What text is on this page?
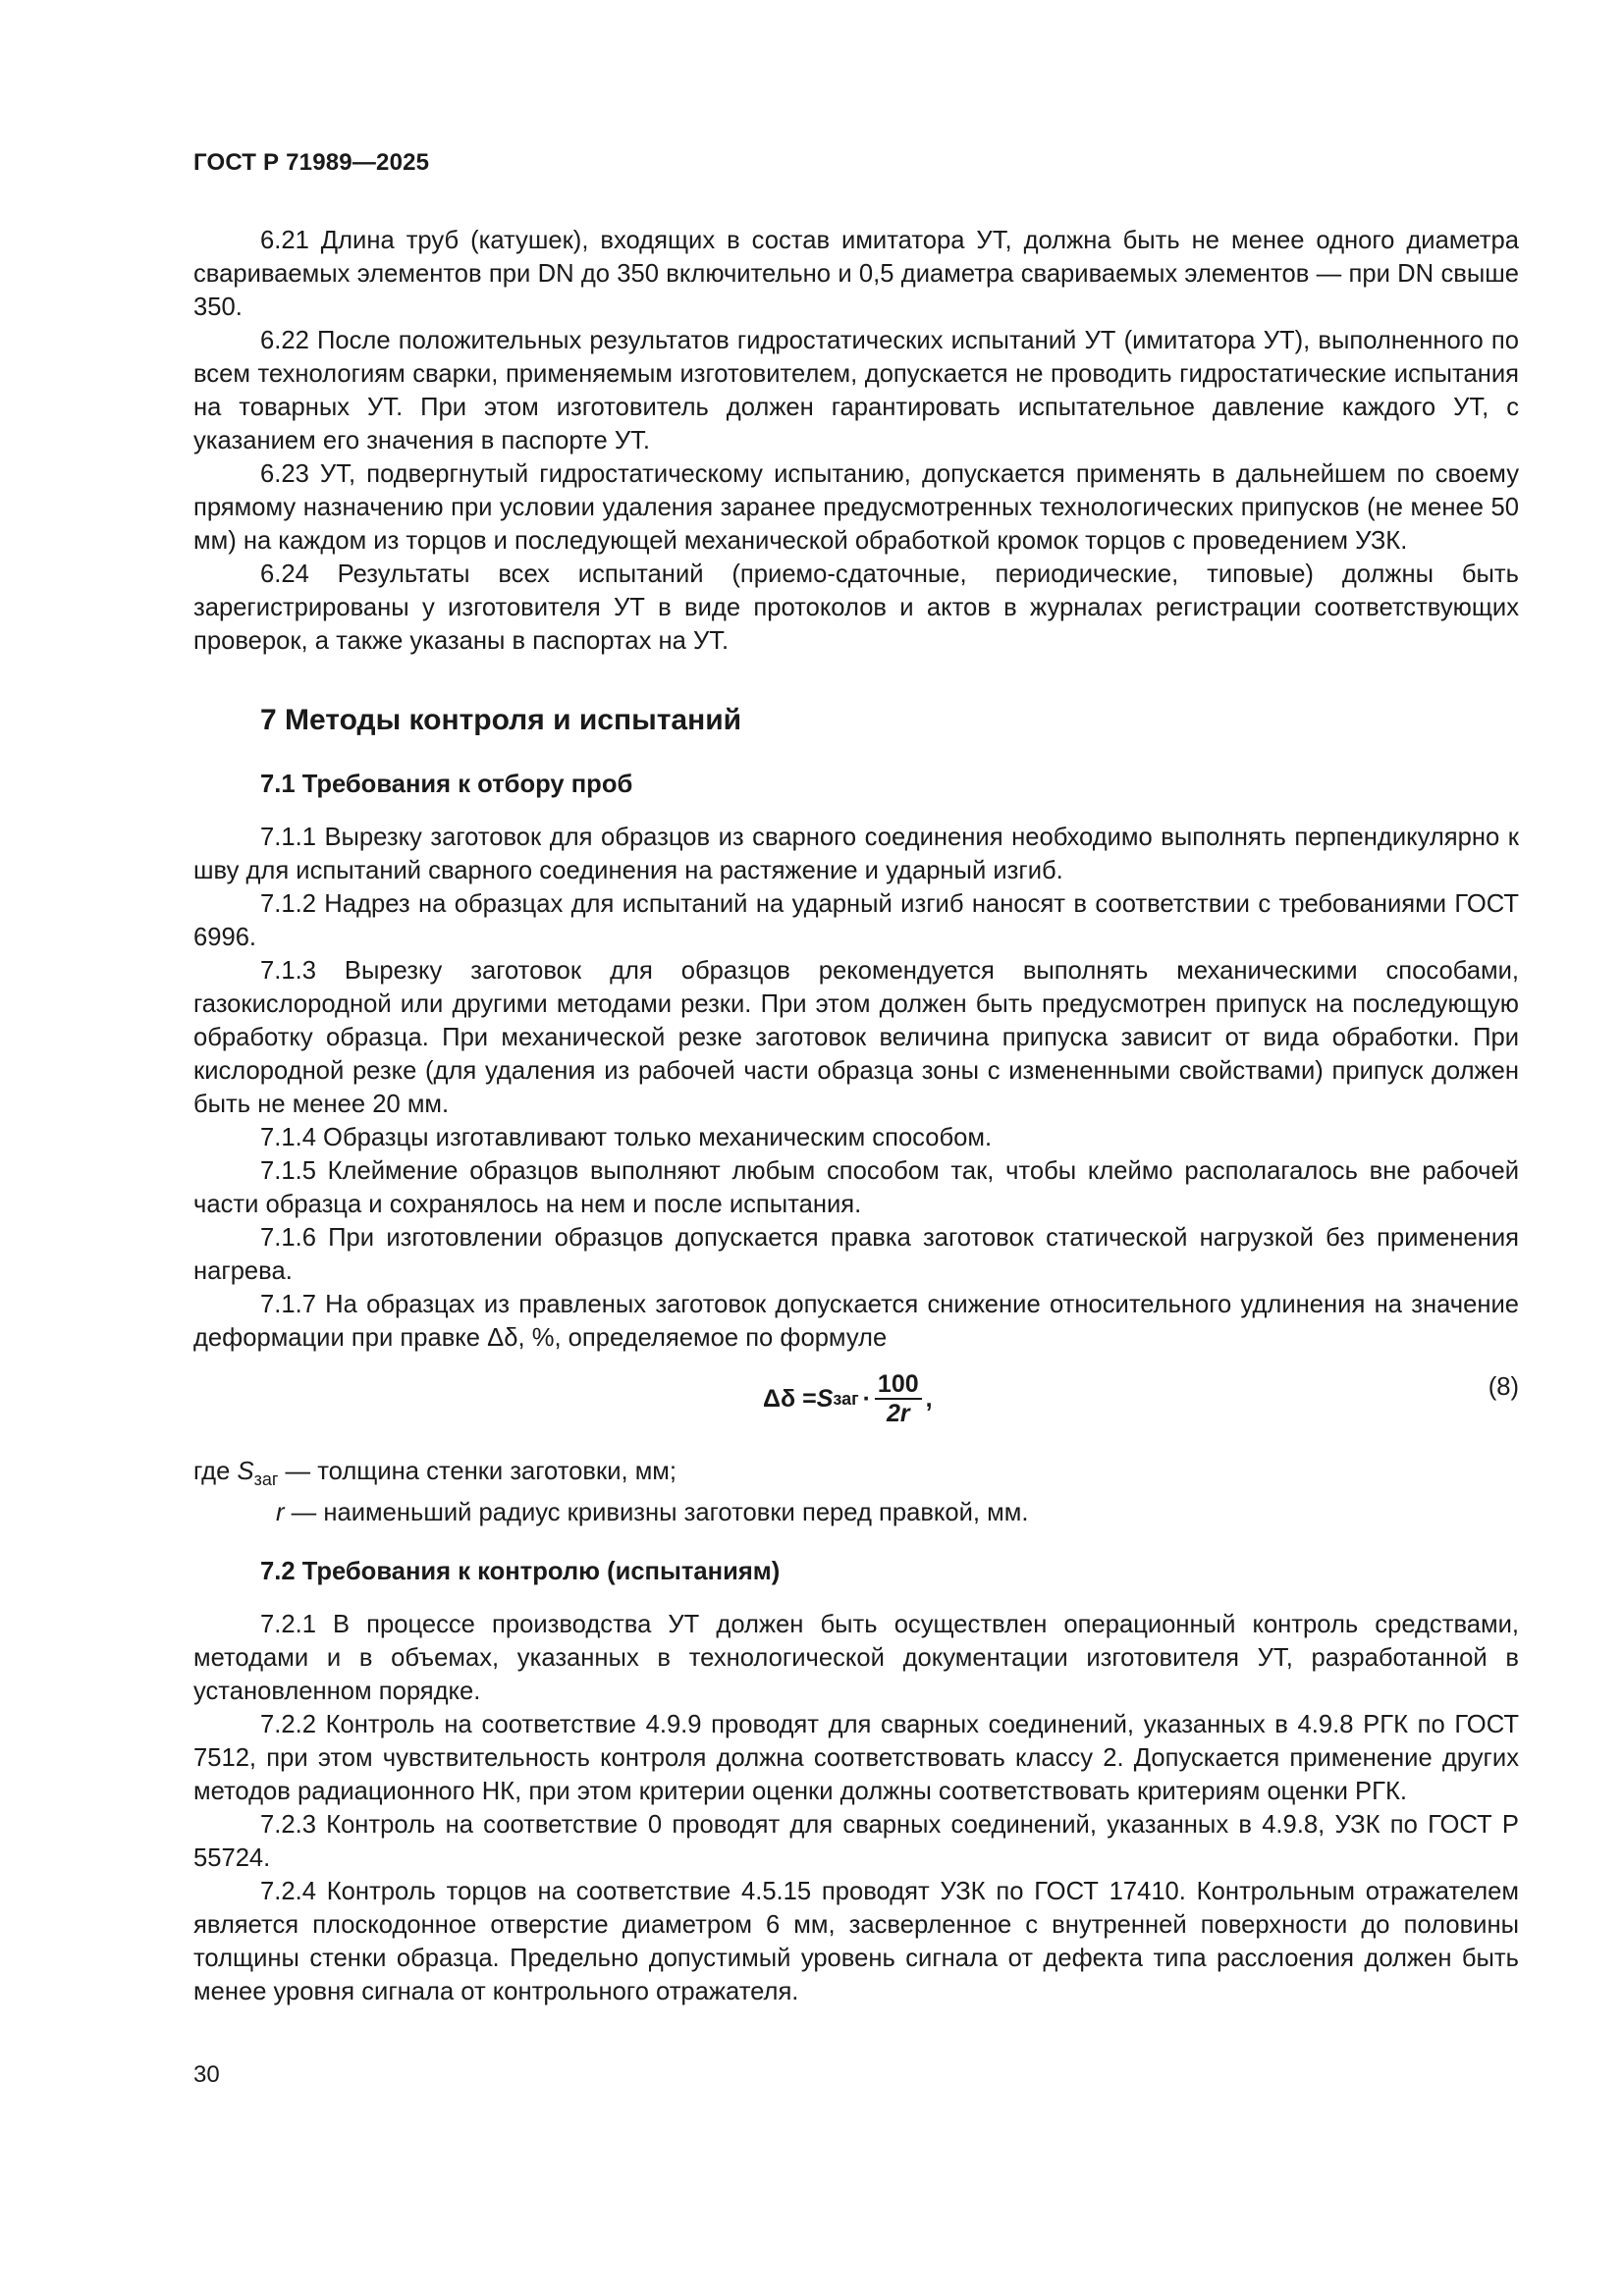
ГОСТ Р 71989—2025

6.21 Длина труб (катушек), входящих в состав имитатора УТ, должна быть не менее одного диаметра свариваемых элементов при DN до 350 включительно и 0,5 диаметра свариваемых элементов — при DN свыше 350.

6.22 После положительных результатов гидростатических испытаний УТ (имитатора УТ), выполненного по всем технологиям сварки, применяемым изготовителем, допускается не проводить гидростатические испытания на товарных УТ. При этом изготовитель должен гарантировать испытательное давление каждого УТ, с указанием его значения в паспорте УТ.

6.23 УТ, подвергнутый гидростатическому испытанию, допускается применять в дальнейшем по своему прямому назначению при условии удаления заранее предусмотренных технологических припусков (не менее 50 мм) на каждом из торцов и последующей механической обработкой кромок торцов с проведением УЗК.

6.24 Результаты всех испытаний (приемо-сдаточные, периодические, типовые) должны быть зарегистрированы у изготовителя УТ в виде протоколов и актов в журналах регистрации соответствующих проверок, а также указаны в паспортах на УТ.

7 Методы контроля и испытаний
7.1 Требования к отбору проб

7.1.1 Вырезку заготовок для образцов из сварного соединения необходимо выполнять перпендикулярно к шву для испытаний сварного соединения на растяжение и ударный изгиб.

7.1.2 Надрез на образцах для испытаний на ударный изгиб наносят в соответствии с требованиями ГОСТ 6996.

7.1.3 Вырезку заготовок для образцов рекомендуется выполнять механическими способами, газокислородной или другими методами резки. При этом должен быть предусмотрен припуск на последующую обработку образца. При механической резке заготовок величина припуска зависит от вида обработки. При кислородной резке (для удаления из рабочей части образца зоны с измененными свойствами) припуск должен быть не менее 20 мм.

7.1.4 Образцы изготавливают только механическим способом.

7.1.5 Клеймение образцов выполняют любым способом так, чтобы клеймо располагалось вне рабочей части образца и сохранялось на нем и после испытания.

7.1.6 При изготовлении образцов допускается правка заготовок статической нагрузкой без применения нагрева.

7.1.7 На образцах из правленых заготовок допускается снижение относительного удлинения на значение деформации при правке Δδ, %, определяемое по формуле

Δδ = S заг · $\frac{100}{2r}$ ,	(8)

где $S_{заг}$ — толщина стенки заготовки, мм;

r — наименьший радиус кривизны заготовки перед правкой, мм.

7.2 Требования к контролю (испытаниям)

7.2.1 В процессе производства УТ должен быть осуществлен операционный контроль средствами, методами и в объемах, указанных в технологической документации изготовителя УТ, разработанной в установленном порядке.

7.2.2 Контроль на соответствие 4.9.9 проводят для сварных соединений, указанных в 4.9.8 РГК по ГОСТ 7512, при этом чувствительность контроля должна соответствовать классу 2. Допускается применение других методов радиационного НК, при этом критерии оценки должны соответствовать критериям оценки РГК.

7.2.3 Контроль на соответствие 0 проводят для сварных соединений, указанных в 4.9.8, УЗК по ГОСТ Р 55724.

7.2.4 Контроль торцов на соответствие 4.5.15 проводят УЗК по ГОСТ 17410. Контрольным отражателем является плоскодонное отверстие диаметром 6 мм, засверленное с внутренней поверхности до половины толщины стенки образца. Предельно допустимый уровень сигнала от дефекта типа расслоения должен быть менее уровня сигнала от контрольного отражателя.

30
